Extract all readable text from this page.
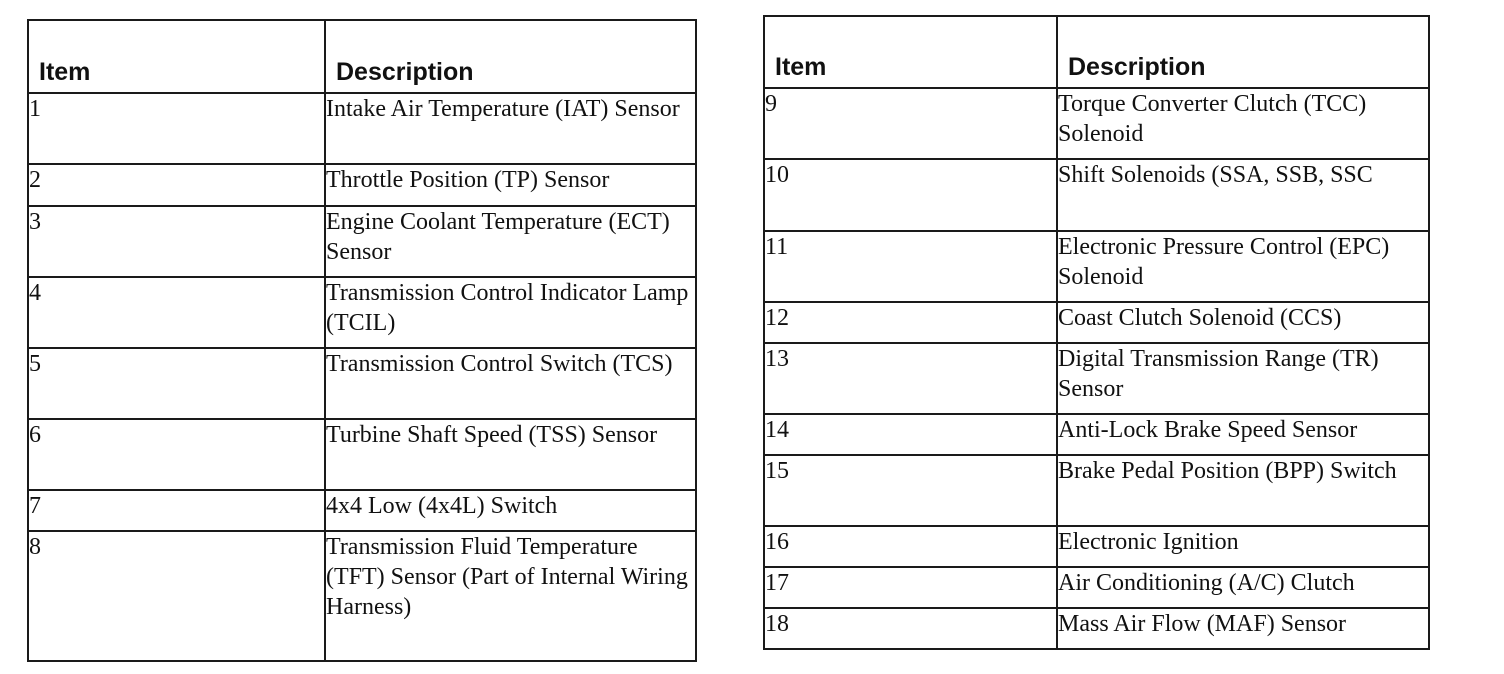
Item	Description
1	Intake Air Temperature (IAT) Sensor
2	Throttle Position (TP) Sensor
3	Engine Coolant Temperature (ECT) Sensor
4	Transmission Control Indicator Lamp (TCIL)
5	Transmission Control Switch (TCS)
6	Turbine Shaft Speed (TSS) Sensor
7	4x4 Low (4x4L) Switch
8	Transmission Fluid Temperature (TFT) Sensor (Part of Internal Wiring Harness)
Item	Description
9	Torque Converter Clutch (TCC) Solenoid
10	Shift Solenoids (SSA, SSB, SSC
11	Electronic Pressure Control (EPC) Solenoid
12	Coast Clutch Solenoid (CCS)
13	Digital Transmission Range (TR) Sensor
14	Anti-Lock Brake Speed Sensor
15	Brake Pedal Position (BPP) Switch
16	Electronic Ignition
17	Air Conditioning (A/C) Clutch
18	Mass Air Flow (MAF) Sensor
